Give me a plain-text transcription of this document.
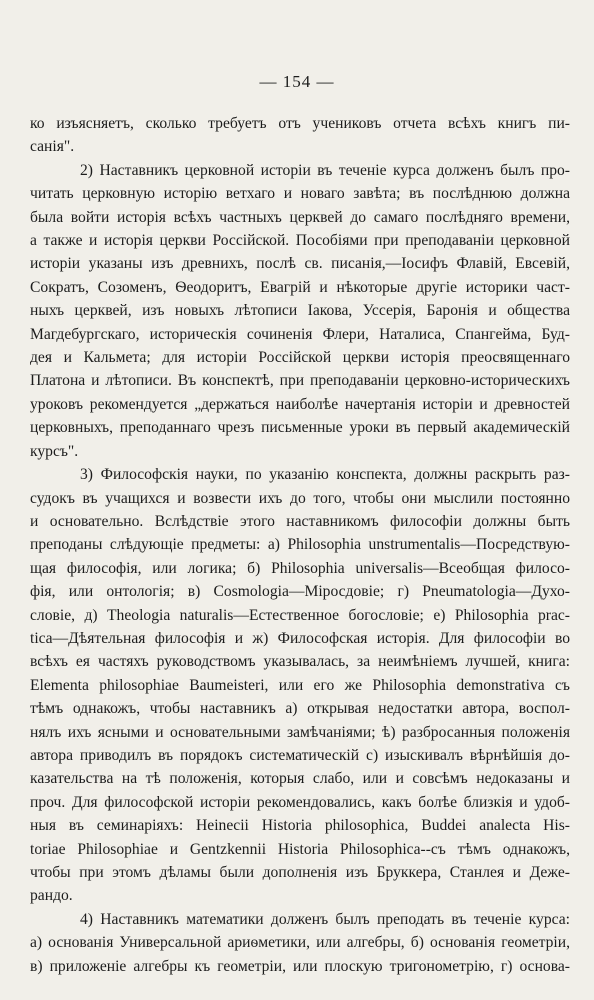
— 154 —
ко изъясняетъ, сколько требуетъ отъ учениковъ отчета всѣхъ книгъ пи-
санія".
2) Наставникъ церковной исторіи въ теченіе курса долженъ былъ про-
читать церковную исторію ветхаго и новаго завѣта; въ послѣднюю должна
была войти исторія всѣхъ частныхъ церквей до самаго послѣдняго времени,
а также и исторія церкви Россійской. Пособіями при преподаваніи церковной
исторіи указаны изъ древнихъ, послѣ св. писанія,—Іосифъ Флавій, Евсевій,
Сократъ, Созоменъ, Ѳеодоритъ, Евагрій и нѣкоторые другіе историки част-
ныхъ церквей, изъ новыхъ лѣтописи Іакова, Уссерія, Баронія и общества
Магдебургскаго, историческія сочиненія Флери, Наталиса, Спангейма, Буд-
дея и Кальмета; для исторіи Россійской церкви исторія преосвященнаго
Платона и лѣтописи. Въ конспектѣ, при преподаваніи церковно-историческихъ
уроковъ рекомендуется „держаться наиболѣе начертанія исторіи и древностей
церковныхъ, преподаннаго чрезъ письменные уроки въ первый академическій
курсъ".
3) Философскія науки, по указанію конспекта, должны раскрыть раз-
судокъ въ учащихся и возвести ихъ до того, чтобы они мыслили постоянно
и основательно. Вслѣдствіе этого наставникомъ философіи должны быть
преподаны слѣдующіе предметы: а) Philosophia unstrumentalis—Посредствую-
щая философія, или логика; б) Philosophia universalis—Всеобщая филосо-
фія, или онтологія; в) Cosmologia—Міросдовіе; г) Pneumatologia—Духо-
словіе, д) Theologia naturalis—Естественное богословіе; е) Philosophia prac-
tica—Дѣятельная философія и ж) Философская исторія. Для философіи во
всѣхъ ея частяхъ руководствомъ указывалась, за неимѣніемъ лучшей, книга:
Elementa philosophiae Baumeisteri, или его же Philosophia demonstrativa съ
тѣмъ однакожъ, чтобы наставникъ а) открывая недостатки автора, воспол-
нялъ ихъ ясными и основательными замѣчаніями; ѣ) разбросанныя положенія
автора приводилъ въ порядокъ систематическій с) изыскивалъ вѣрнѣйшія до-
казательства на тѣ положенія, которыя слабо, или и совсѣмъ недоказаны и
проч. Для философской исторіи рекомендовались, какъ болѣе близкія и удоб-
ныя въ семинаріяхъ: Heinecii Historia philosophica, Buddei analecta His-
toriae Philosophiae и Gentzkennii Historia Philosophica--съ тѣмъ однакожъ,
чтобы при этомъ дѣламы были дополненія изъ Бруккера, Станлея и Деже-
рандо.
4) Наставникъ математики долженъ былъ преподать въ теченіе курса:
а) основанія Универсальной ариѳметики, или алгебры, б) основанія геометріи,
в) приложеніе алгебры къ геометріи, или плоскую тригонометрію, г) основа-
